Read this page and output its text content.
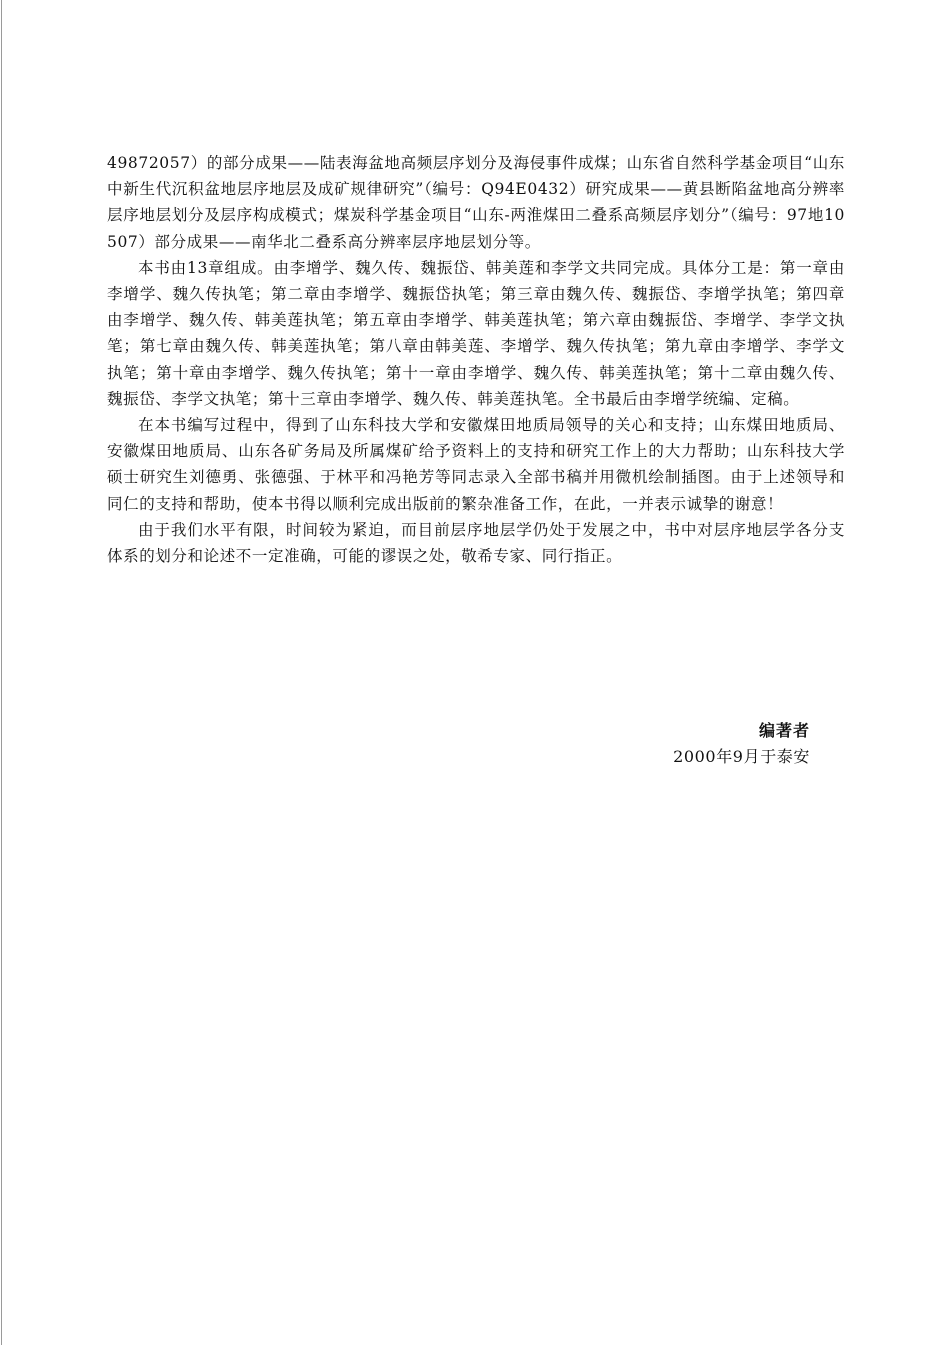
49872057）的部分成果——陆表海盆地高频层序划分及海侵事件成煤；山东省自然科学基金项目“山东中新生代沉积盆地层序地层及成矿规律研究”（编号：Q94E0432）研究成果——黄县断陷盆地高分辨率层序地层划分及层序构成模式；煤炭科学基金项目“山东-两淮煤田二叠系高频层序划分”（编号：97地10507）部分成果——南华北二叠系高分辨率层序地层划分等。

本书由13章组成。由李增学、魏久传、魏振岱、韩美莲和李学文共同完成。具体分工是：第一章由李增学、魏久传执笔；第二章由李增学、魏振岱执笔；第三章由魏久传、魏振岱、李增学执笔；第四章由李增学、魏久传、韩美莲执笔；第五章由李增学、韩美莲执笔；第六章由魏振岱、李增学、李学文执笔；第七章由魏久传、韩美莲执笔；第八章由韩美莲、李增学、魏久传执笔；第九章由李增学、李学文执笔；第十章由李增学、魏久传执笔；第十一章由李增学、魏久传、韩美莲执笔；第十二章由魏久传、魏振岱、李学文执笔；第十三章由李增学、魏久传、韩美莲执笔。全书最后由李增学统编、定稿。

在本书编写过程中，得到了山东科技大学和安徽煤田地质局领导的关心和支持；山东煤田地质局、安徽煤田地质局、山东各矿务局及所属煤矿给予资料上的支持和研究工作上的大力帮助；山东科技大学硕士研究生刘德勇、张德强、于林平和冯艳芳等同志录入全部书稿并用微机绘制插图。由于上述领导和同仁的支持和帮助，使本书得以顺利完成出版前的繁杂准备工作，在此，一并表示诚挚的谢意！

由于我们水平有限，时间较为紧迫，而目前层序地层学仍处于发展之中，书中对层序地层学各分支体系的划分和论述不一定准确，可能的谬误之处，敬希专家、同行指正。

编著者
2000年9月于泰安
